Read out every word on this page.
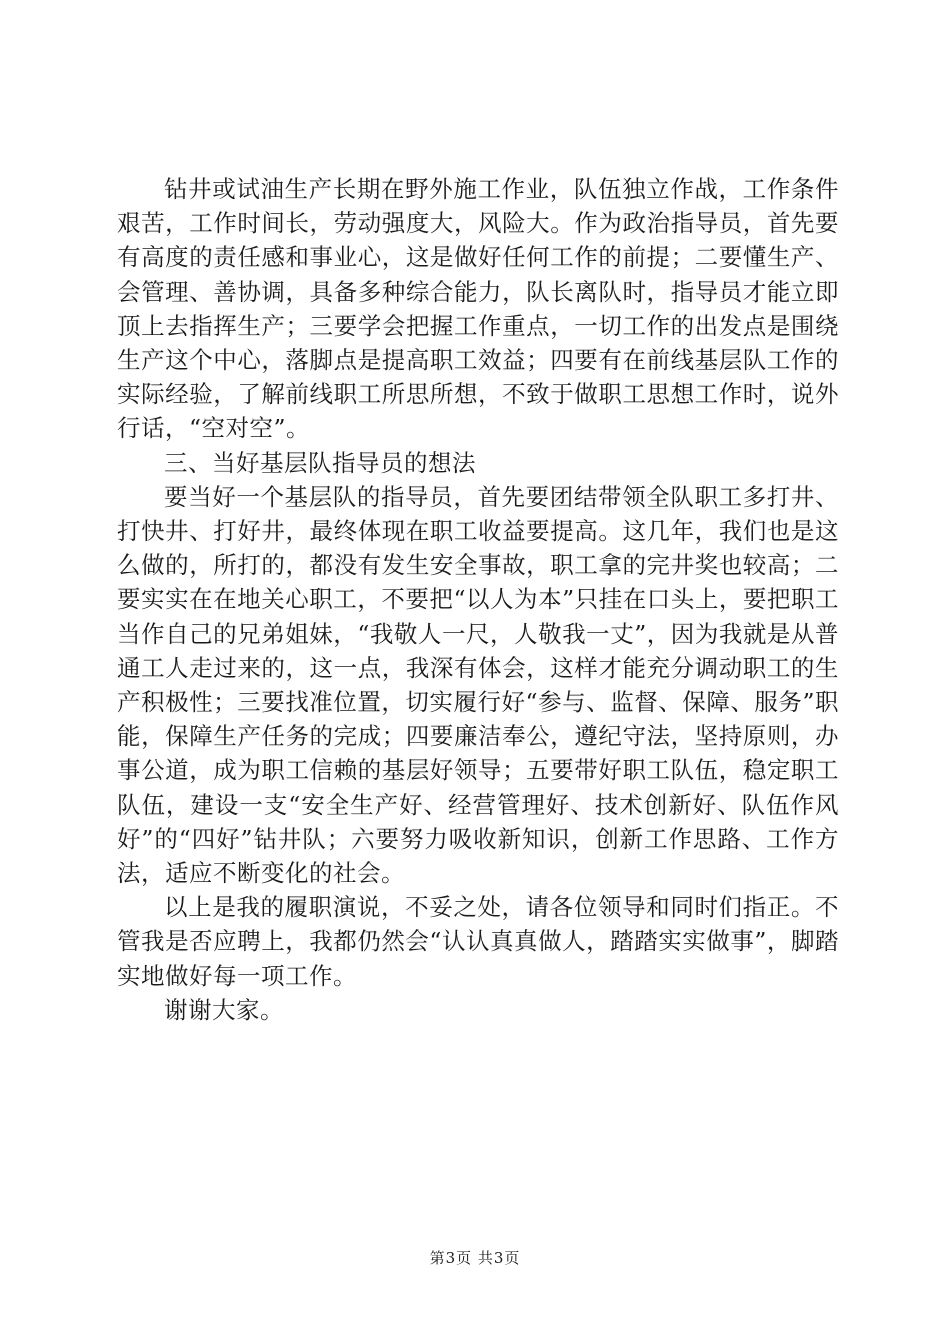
钻井或试油生产长期在野外施工作业，队伍独立作战，工作条件艰苦，工作时间长，劳动强度大，风险大。作为政治指导员，首先要有高度的责任感和事业心，这是做好任何工作的前提；二要懂生产、会管理、善协调，具备多种综合能力，队长离队时，指导员才能立即顶上去指挥生产；三要学会把握工作重点，一切工作的出发点是围绕生产这个中心，落脚点是提高职工效益；四要有在前线基层队工作的实际经验，了解前线职工所思所想，不致于做职工思想工作时，说外行话，“空对空”。

三、当好基层队指导员的想法

要当好一个基层队的指导员，首先要团结带领全队职工多打井、打快井、打好井，最终体现在职工收益要提高。这几年，我们也是这么做的，所打的，都没有发生安全事故，职工拿的完井奖也较高；二要实实在在地关心职工，不要把“以人为本”只挂在口头上，要把职工当作自己的兄弟姐妹，“我敬人一尺，人敬我一丈”，因为我就是从普通工人走过来的，这一点，我深有体会，这样才能充分调动职工的生产积极性；三要找准位置，切实履行好“参与、监督、保障、服务”职能，保障生产任务的完成；四要廉洁奉公，遵纪守法，坚持原则，办事公道，成为职工信赖的基层好领导；五要带好职工队伍，稳定职工队伍，建设一支“安全生产好、经营管理好、技术创新好、队伍作风好”的“四好”钻井队；六要努力吸收新知识，创新工作思路、工作方法，适应不断变化的社会。

以上是我的履职演说，不妥之处，请各位领导和同时们指正。不管我是否应聘上，我都仍然会“认认真真做人，踏踏实实做事”，脚踏实地做好每一项工作。

谢谢大家。

第3页 共3页
